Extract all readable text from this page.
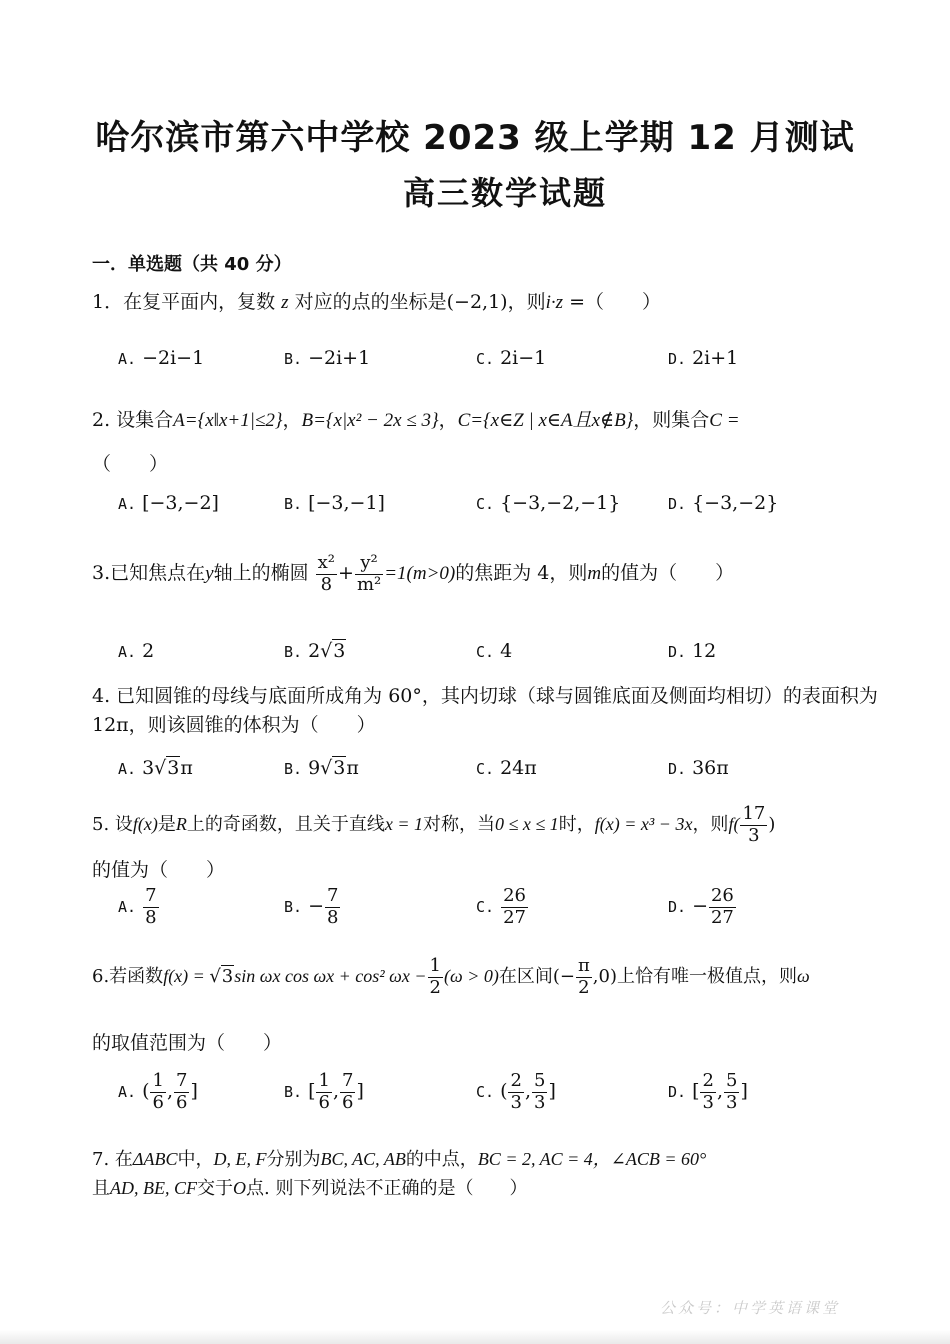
哈尔滨市第六中学校 2023 级上学期 12 月测试
高三数学试题
一．单选题（共 40 分）
1．在复平面内，复数 z 对应的点的坐标是(−2,1)，则i·z =（　　）
A. −2i−1	B. −2i+1	C. 2i−1	D. 2i+1
2. 设集合A={x‖x+1|≤2}，B={x|x² − 2x ≤ 3}，C={x∈Z | x∈A且x∉B}，则集合C =
（　　）
A. [−3,−2]	B. [−3,−1]	C. {−3,−2,−1}	D. {−3,−2}
3.已知焦点在y轴上的椭圆 $\frac{\text{x²}}{8} + \frac{\text{y²}}{\text{m²}} =1(m>0)$的焦距为 4，则m的值为（　　）
A. 2	B. 2√3	C. 4	D. 12
4. 已知圆锥的母线与底面所成角为 60°，其内切球（球与圆锥底面及侧面均相切）的表面积为
12π，则该圆锥的体积为（　　）
A. 3√3π	B. 9√3π	C. 24π	D. 36π
5. 设f(x)是R上的奇函数，且关于直线x = 1对称，当0 ≤ x ≤ 1时，f(x) = x³ − 3x，则$f( \frac{17}{3}$ )
的值为（　　）
A. $\frac{7}{8}$	B. − $\frac{7}{8}$	C. $\frac{26}{27}$	D. − $\frac{26}{27}$
6.若函数f(x) = √3sin ωx cos ωx + cos² $\omega x - \frac{1}{2} (\omega > 0)$在区间(− $\frac{\pi}{2} ,0$)上恰有唯一极值点，则ω
的取值范围为（　　）
A. ( $\frac{1}{6}$ , $\frac{7}{6}$ ]	B. [ $\frac{1}{6}$ , $\frac{7}{6}$ ]	C. ( $\frac{2}{3}$ , $\frac{5}{3}$ ]	D. [ $\frac{2}{3}$ , $\frac{5}{3}$ ]
7. 在ΔABC中，D, E, F分别为BC, AC, AB的中点，BC = 2, AC = 4，∠ACB = 60°
且AD, BE, CF交于O点. 则下列说法不正确的是（　　）
公众号：中学英语课堂
